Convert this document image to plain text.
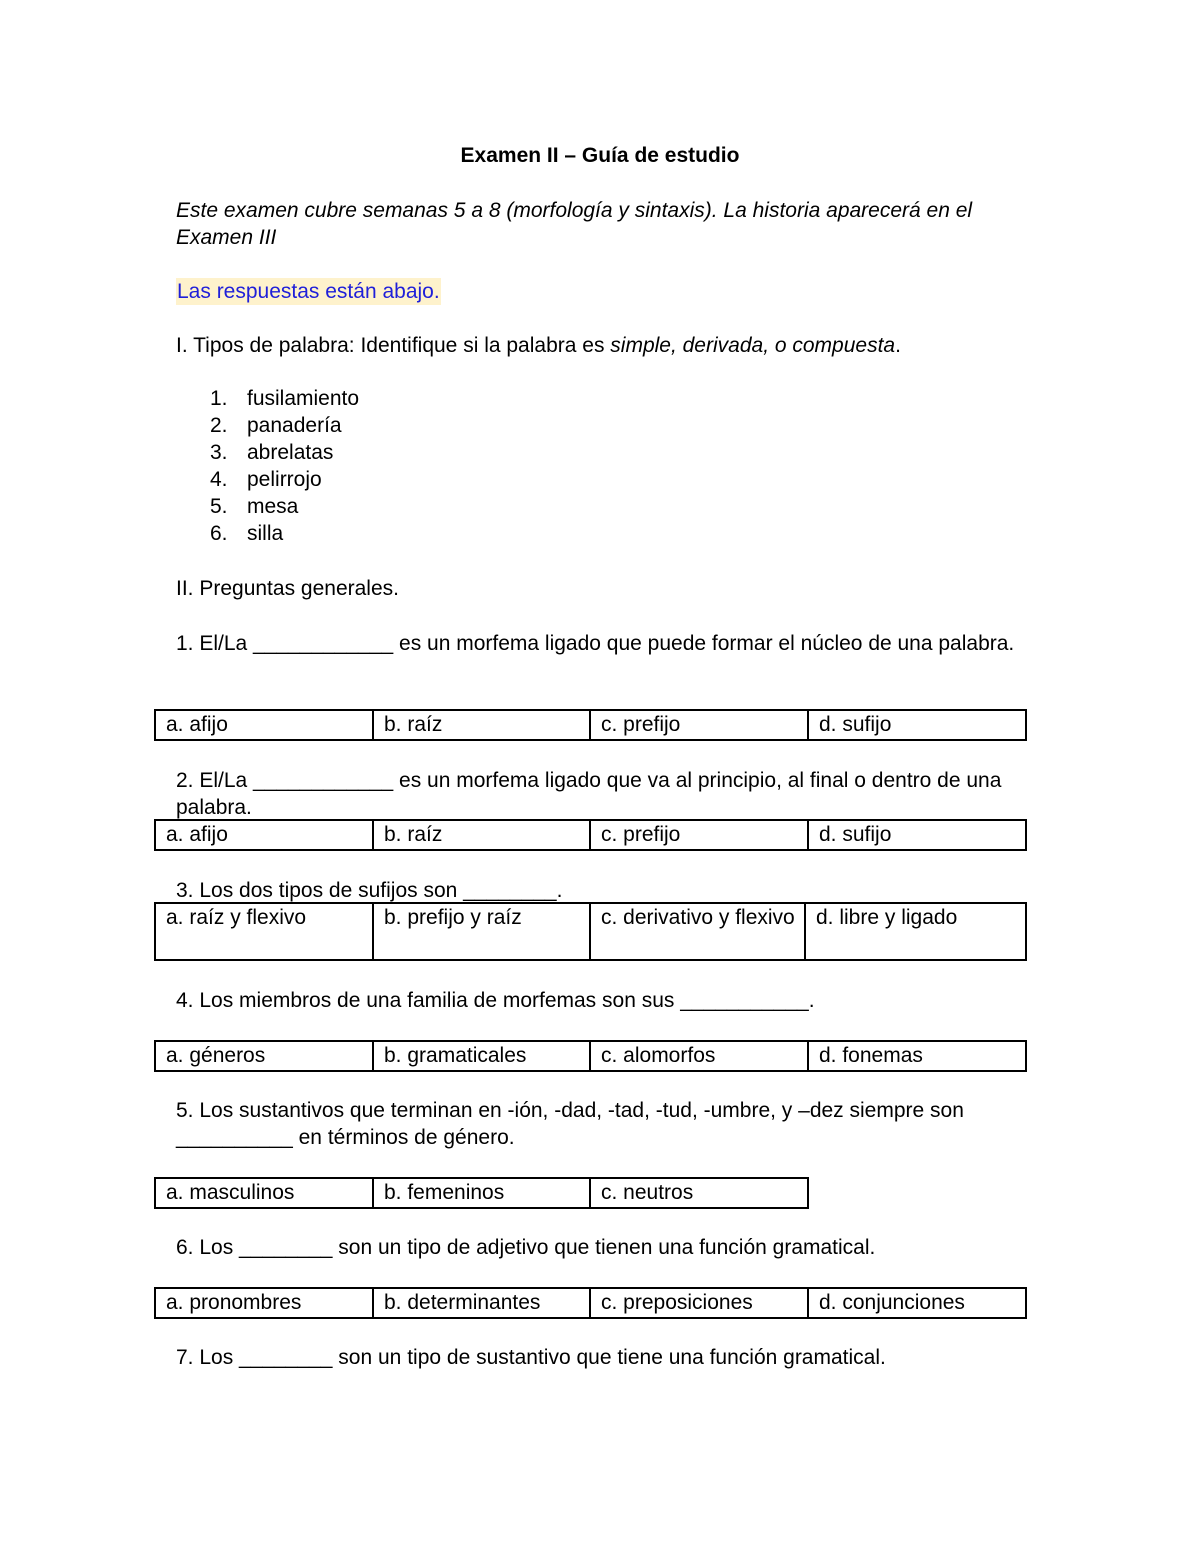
Examen II – Guía de estudio
Este examen cubre semanas 5 a 8 (morfología y sintaxis). La historia aparecerá en el Examen III
Las respuestas están abajo.
I. Tipos de palabra: Identifique si la palabra es simple, derivada, o compuesta.
1. fusilamiento
2. panadería
3. abrelatas
4. pelirrojo
5. mesa
6. silla
II. Preguntas generales.
1. El/La ____________ es un morfema ligado que puede formar el núcleo de una palabra.
a. afijo	b. raíz	c. prefijo	d. sufijo
2. El/La ____________ es un morfema ligado que va al principio, al final o dentro de una palabra.
a. afijo	b. raíz	c. prefijo	d. sufijo
3. Los dos tipos de sufijos son ________.
a. raíz y flexivo	b. prefijo y raíz	c. derivativo y flexivo	d. libre y ligado
4. Los miembros de una familia de morfemas son sus ___________.
a. géneros	b. gramaticales	c. alomorfos	d. fonemas
5. Los sustantivos que terminan en -ión, -dad, -tad, -tud, -umbre, y –dez siempre son __________ en términos de género.
a. masculinos	b. femeninos	c. neutros
6. Los ________ son un tipo de adjetivo que tienen una función gramatical.
a. pronombres	b. determinantes	c. preposiciones	d. conjunciones
7. Los ________ son un tipo de sustantivo que tiene una función gramatical.
